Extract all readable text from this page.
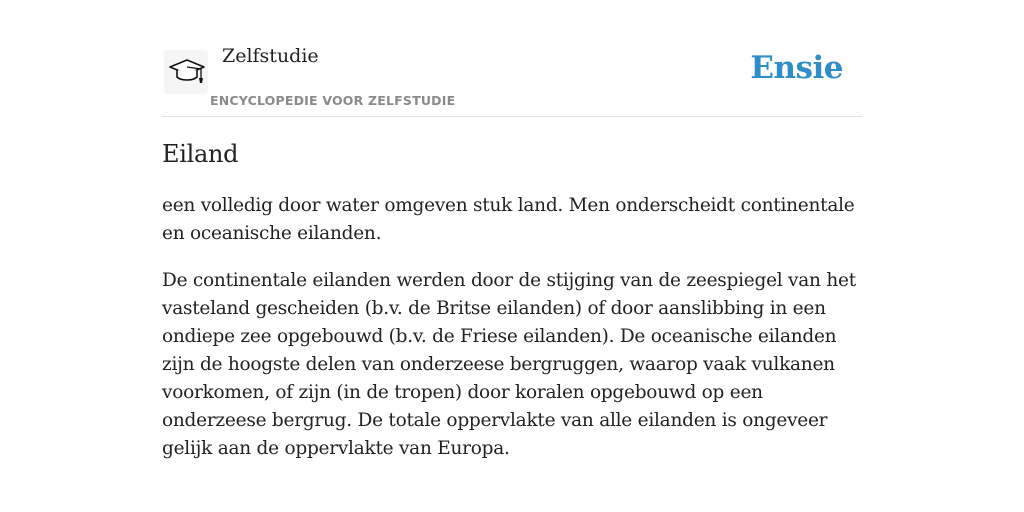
Zelfstudie
ENCYCLOPEDIE VOOR ZELFSTUDIE
Ensie
Eiland

een volledig door water omgeven stuk land. Men onderscheidt continentale en oceanische eilanden.

De continentale eilanden werden door de stijging van de zeespiegel van het vasteland gescheiden (b.v. de Britse eilanden) of door aanslibbing in een ondiepe zee opgebouwd (b.v. de Friese eilanden). De oceanische eilanden zijn de hoogste delen van onderzeese bergruggen, waarop vaak vulkanen voorkomen, of zijn (in de tropen) door koralen opgebouwd op een onderzeese bergrug. De totale oppervlakte van alle eilanden is ongeveer gelijk aan de oppervlakte van Europa.
